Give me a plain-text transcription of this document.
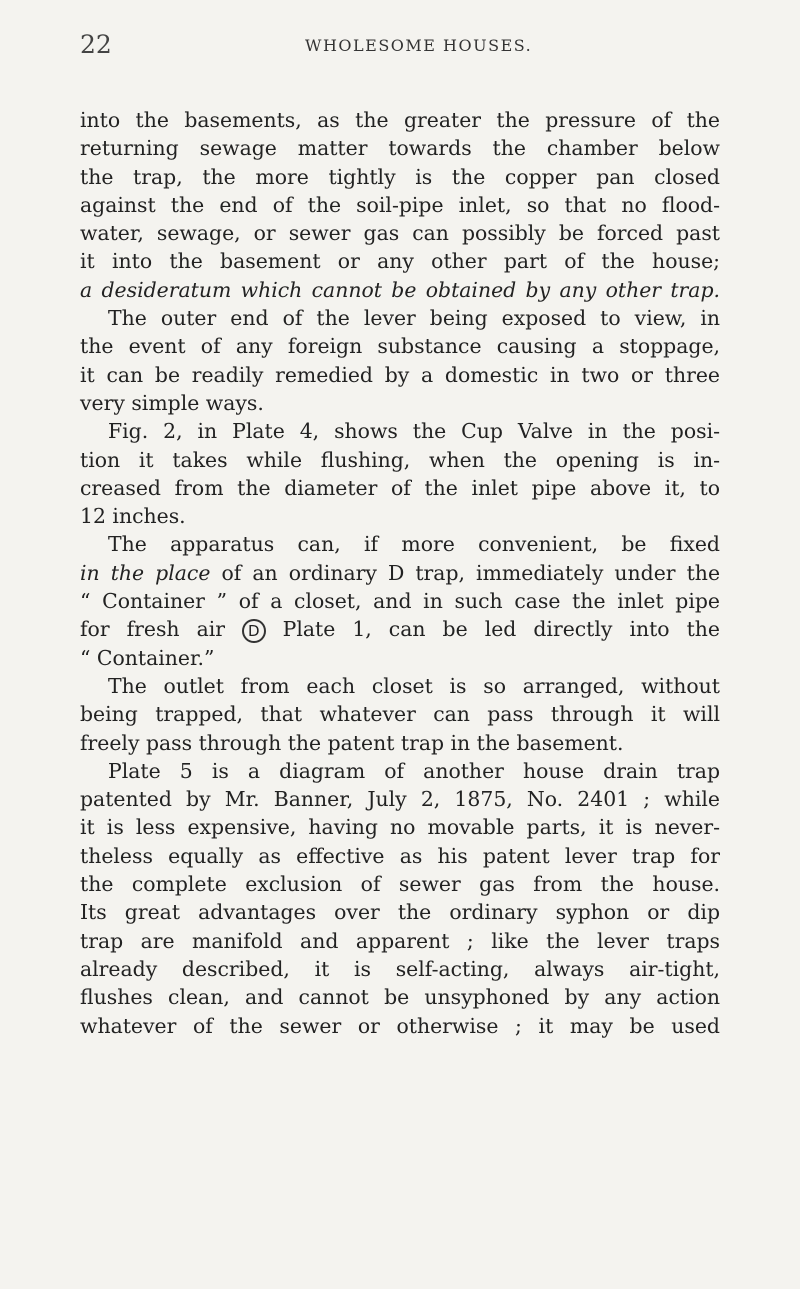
22	WHOLESOME HOUSES.
into the basements, as the greater the pressure of the
returning sewage matter towards the chamber below
the trap, the more tightly is the copper pan closed
against the end of the soil-pipe inlet, so that no flood-
water, sewage, or sewer gas can possibly be forced past
it into the basement or any other part of the house;
a desideratum which cannot be obtained by any other trap.
The outer end of the lever being exposed to view, in
the event of any foreign substance causing a stoppage,
it can be readily remedied by a domestic in two or three
very simple ways.
Fig. 2, in Plate 4, shows the Cup Valve in the posi-
tion it takes while flushing, when the opening is in-
creased from the diameter of the inlet pipe above it, to
12 inches.
The apparatus can, if more convenient, be fixed
in the place of an ordinary D trap, immediately under the
“ Container ” of a closet, and in such case the inlet pipe
for fresh air D Plate 1, can be led directly into the
“ Container.”
The outlet from each closet is so arranged, without
being trapped, that whatever can pass through it will
freely pass through the patent trap in the basement.
Plate 5 is a diagram of another house drain trap
patented by Mr. Banner, July 2, 1875, No. 2401 ; while
it is less expensive, having no movable parts, it is never-
theless equally as effective as his patent lever trap for
the complete exclusion of sewer gas from the house.
Its great advantages over the ordinary syphon or dip
trap are manifold and apparent ; like the lever traps
already described, it is self-acting, always air-tight,
flushes clean, and cannot be unsyphoned by any action
whatever of the sewer or otherwise ; it may be used
